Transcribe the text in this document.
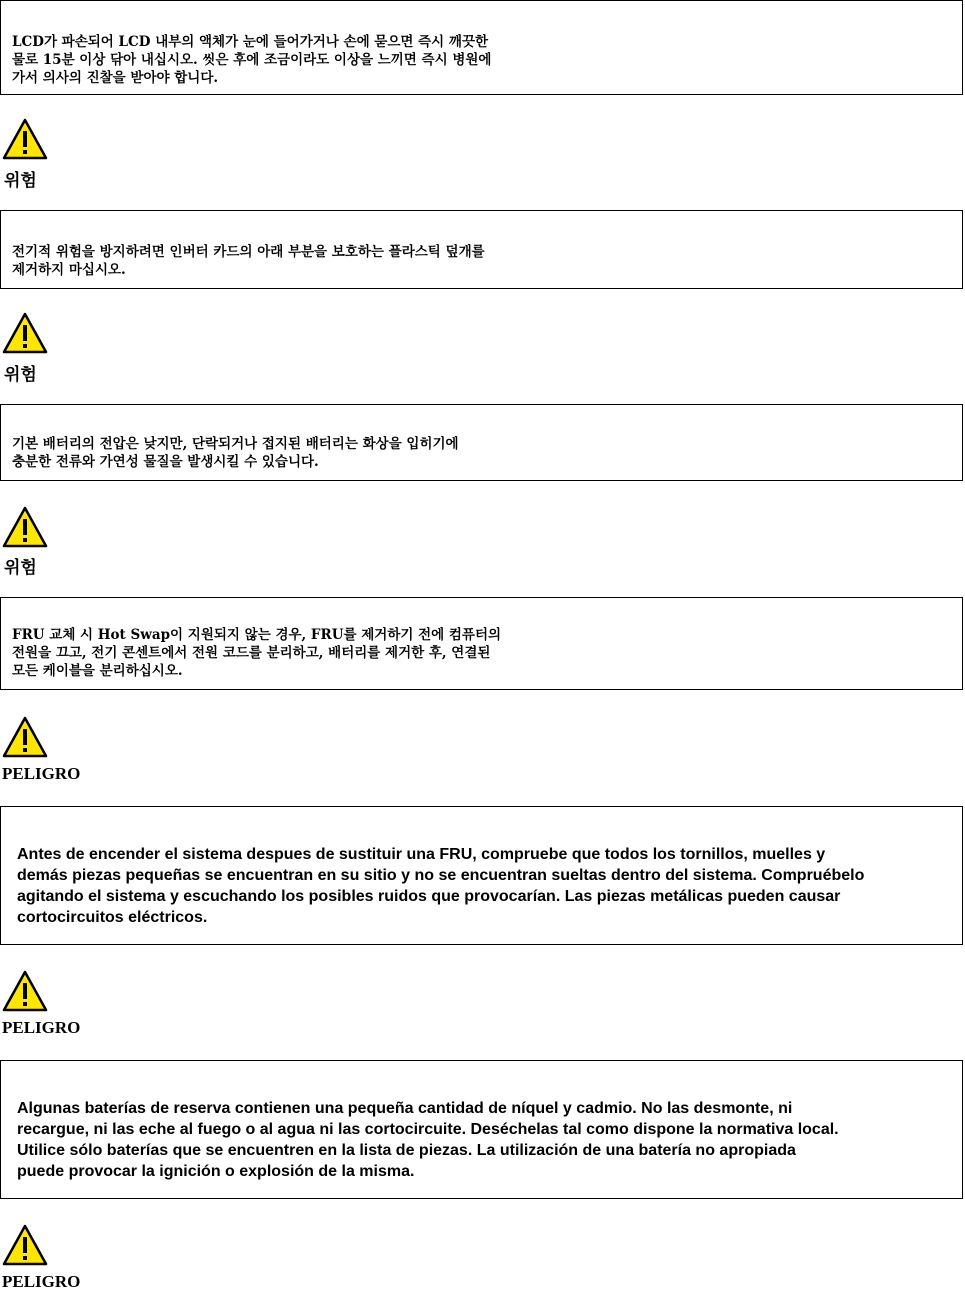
LCD가 파손되어 LCD 내부의 액체가 눈에 들어가거나 손에 묻으면 즉시 깨끗한
물로 15분 이상 닦아 내십시오. 씻은 후에 조금이라도 이상을 느끼면 즉시 병원에
가서 의사의 진찰을 받아야 합니다.

위험

전기적 위험을 방지하려면 인버터 카드의 아래 부분을 보호하는 플라스틱 덮개를
제거하지 마십시오.

위험

기본 배터리의 전압은 낮지만, 단락되거나 접지된 배터리는 화상을 입히기에
충분한 전류와 가연성 물질을 발생시킬 수 있습니다.

위험

FRU 교체 시 Hot Swap이 지원되지 않는 경우, FRU를 제거하기 전에 컴퓨터의
전원을 끄고, 전기 콘센트에서 전원 코드를 분리하고, 배터리를 제거한 후, 연결된
모든 케이블을 분리하십시오.

PELIGRO

Antes de encender el sistema despues de sustituir una FRU, compruebe que todos los tornillos, muelles y
demás piezas pequeñas se encuentran en su sitio y no se encuentran sueltas dentro del sistema. Compruébelo
agitando el sistema y escuchando los posibles ruidos que provocarían. Las piezas metálicas pueden causar
cortocircuitos eléctricos.

PELIGRO

Algunas baterías de reserva contienen una pequeña cantidad de níquel y cadmio. No las desmonte, ni
recargue, ni las eche al fuego o al agua ni las cortocircuite. Deséchelas tal como dispone la normativa local.
Utilice sólo baterías que se encuentren en la lista de piezas. La utilización de una batería no apropiada
puede provocar la ignición o explosión de la misma.

PELIGRO
